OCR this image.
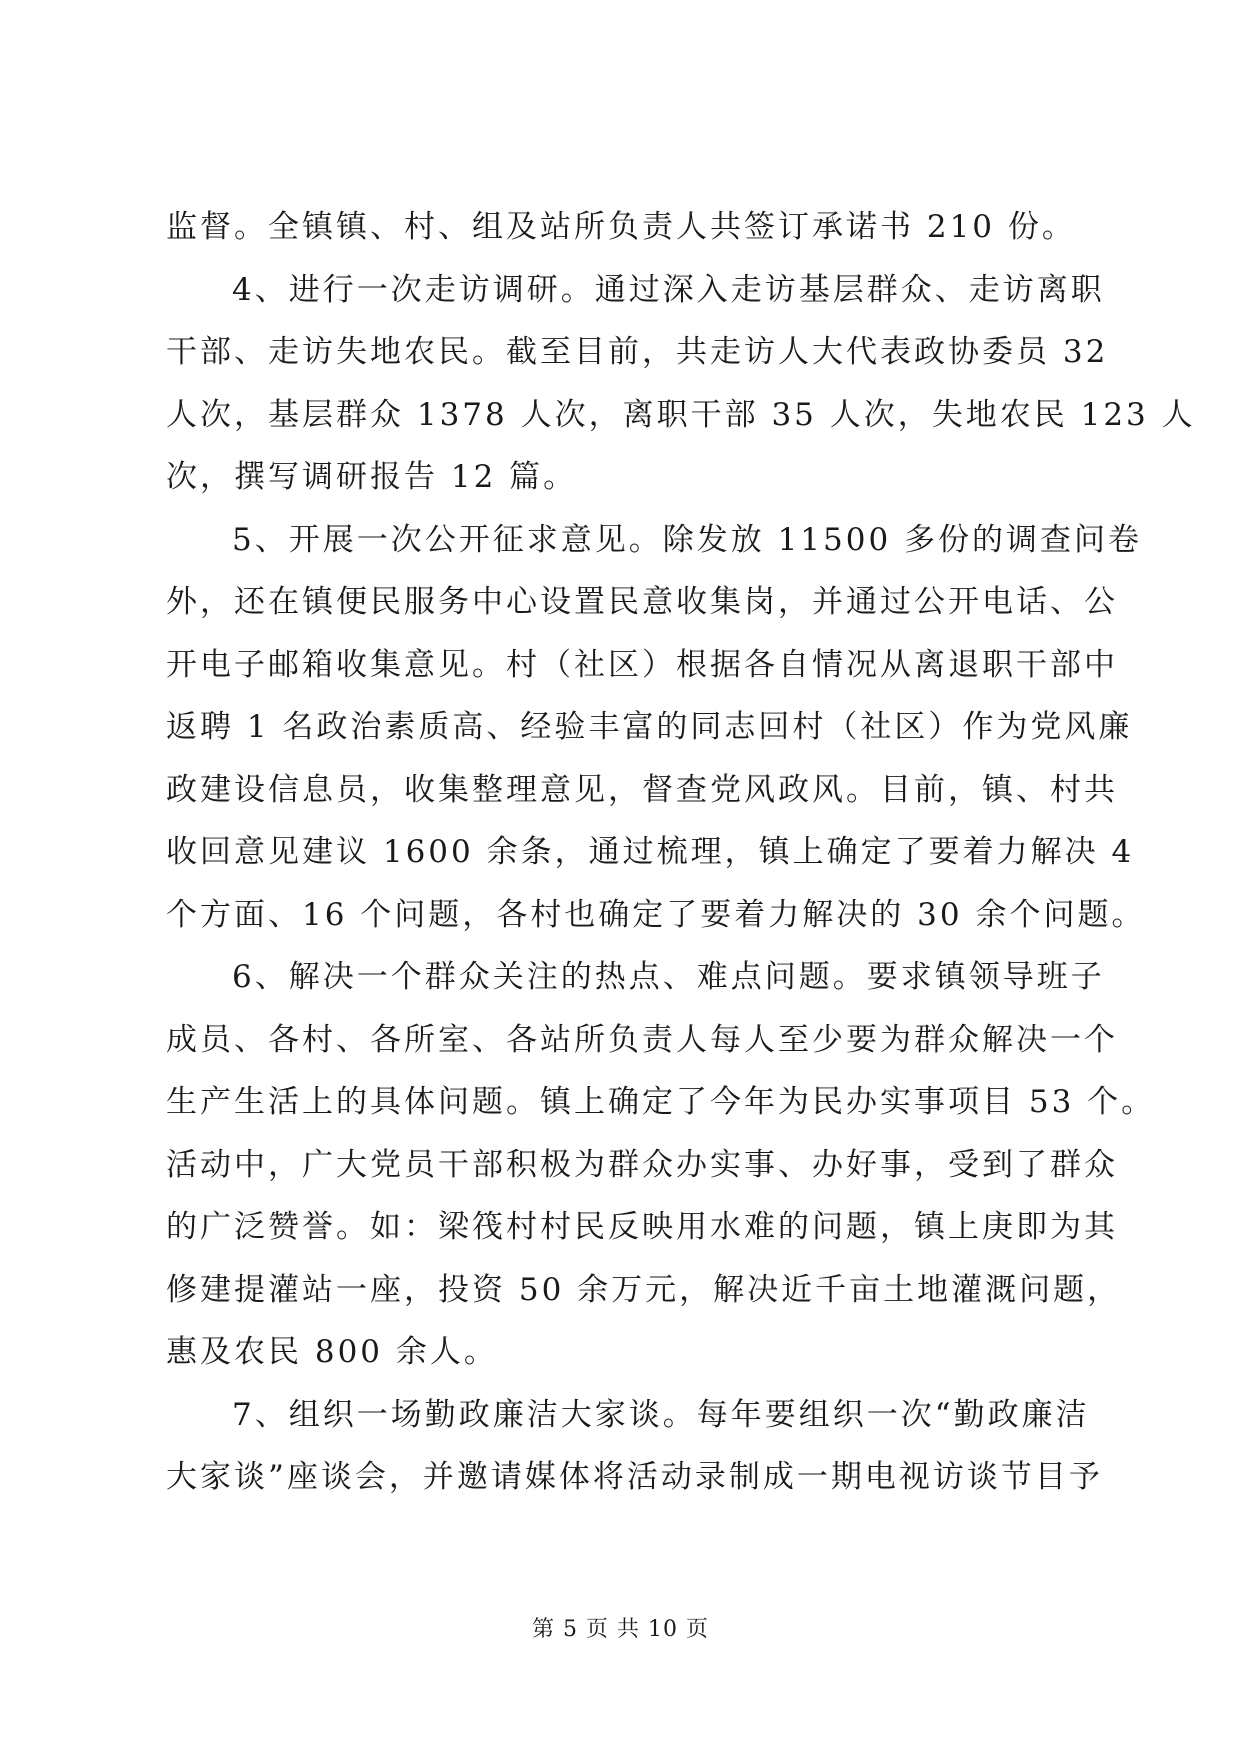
监督。全镇镇、村、组及站所负责人共签订承诺书 210 份。
4、进行一次走访调研。通过深入走访基层群众、走访离职
干部、走访失地农民。截至目前，共走访人大代表政协委员 32
人次，基层群众 1378 人次，离职干部 35 人次，失地农民 123 人
次，撰写调研报告 12 篇。
5、开展一次公开征求意见。除发放 11500 多份的调查问卷
外，还在镇便民服务中心设置民意收集岗，并通过公开电话、公
开电子邮箱收集意见。村（社区）根据各自情况从离退职干部中
返聘 1 名政治素质高、经验丰富的同志回村（社区）作为党风廉
政建设信息员，收集整理意见，督查党风政风。目前，镇、村共
收回意见建议 1600 余条，通过梳理，镇上确定了要着力解决 4
个方面、16 个问题，各村也确定了要着力解决的 30 余个问题。
6、解决一个群众关注的热点、难点问题。要求镇领导班子
成员、各村、各所室、各站所负责人每人至少要为群众解决一个
生产生活上的具体问题。镇上确定了今年为民办实事项目 53 个。
活动中，广大党员干部积极为群众办实事、办好事，受到了群众
的广泛赞誉。如：梁筏村村民反映用水难的问题，镇上庚即为其
修建提灌站一座，投资 50 余万元，解决近千亩土地灌溉问题，
惠及农民 800 余人。
7、组织一场勤政廉洁大家谈。每年要组织一次“勤政廉洁
大家谈”座谈会，并邀请媒体将活动录制成一期电视访谈节目予
第 5 页 共 10 页
